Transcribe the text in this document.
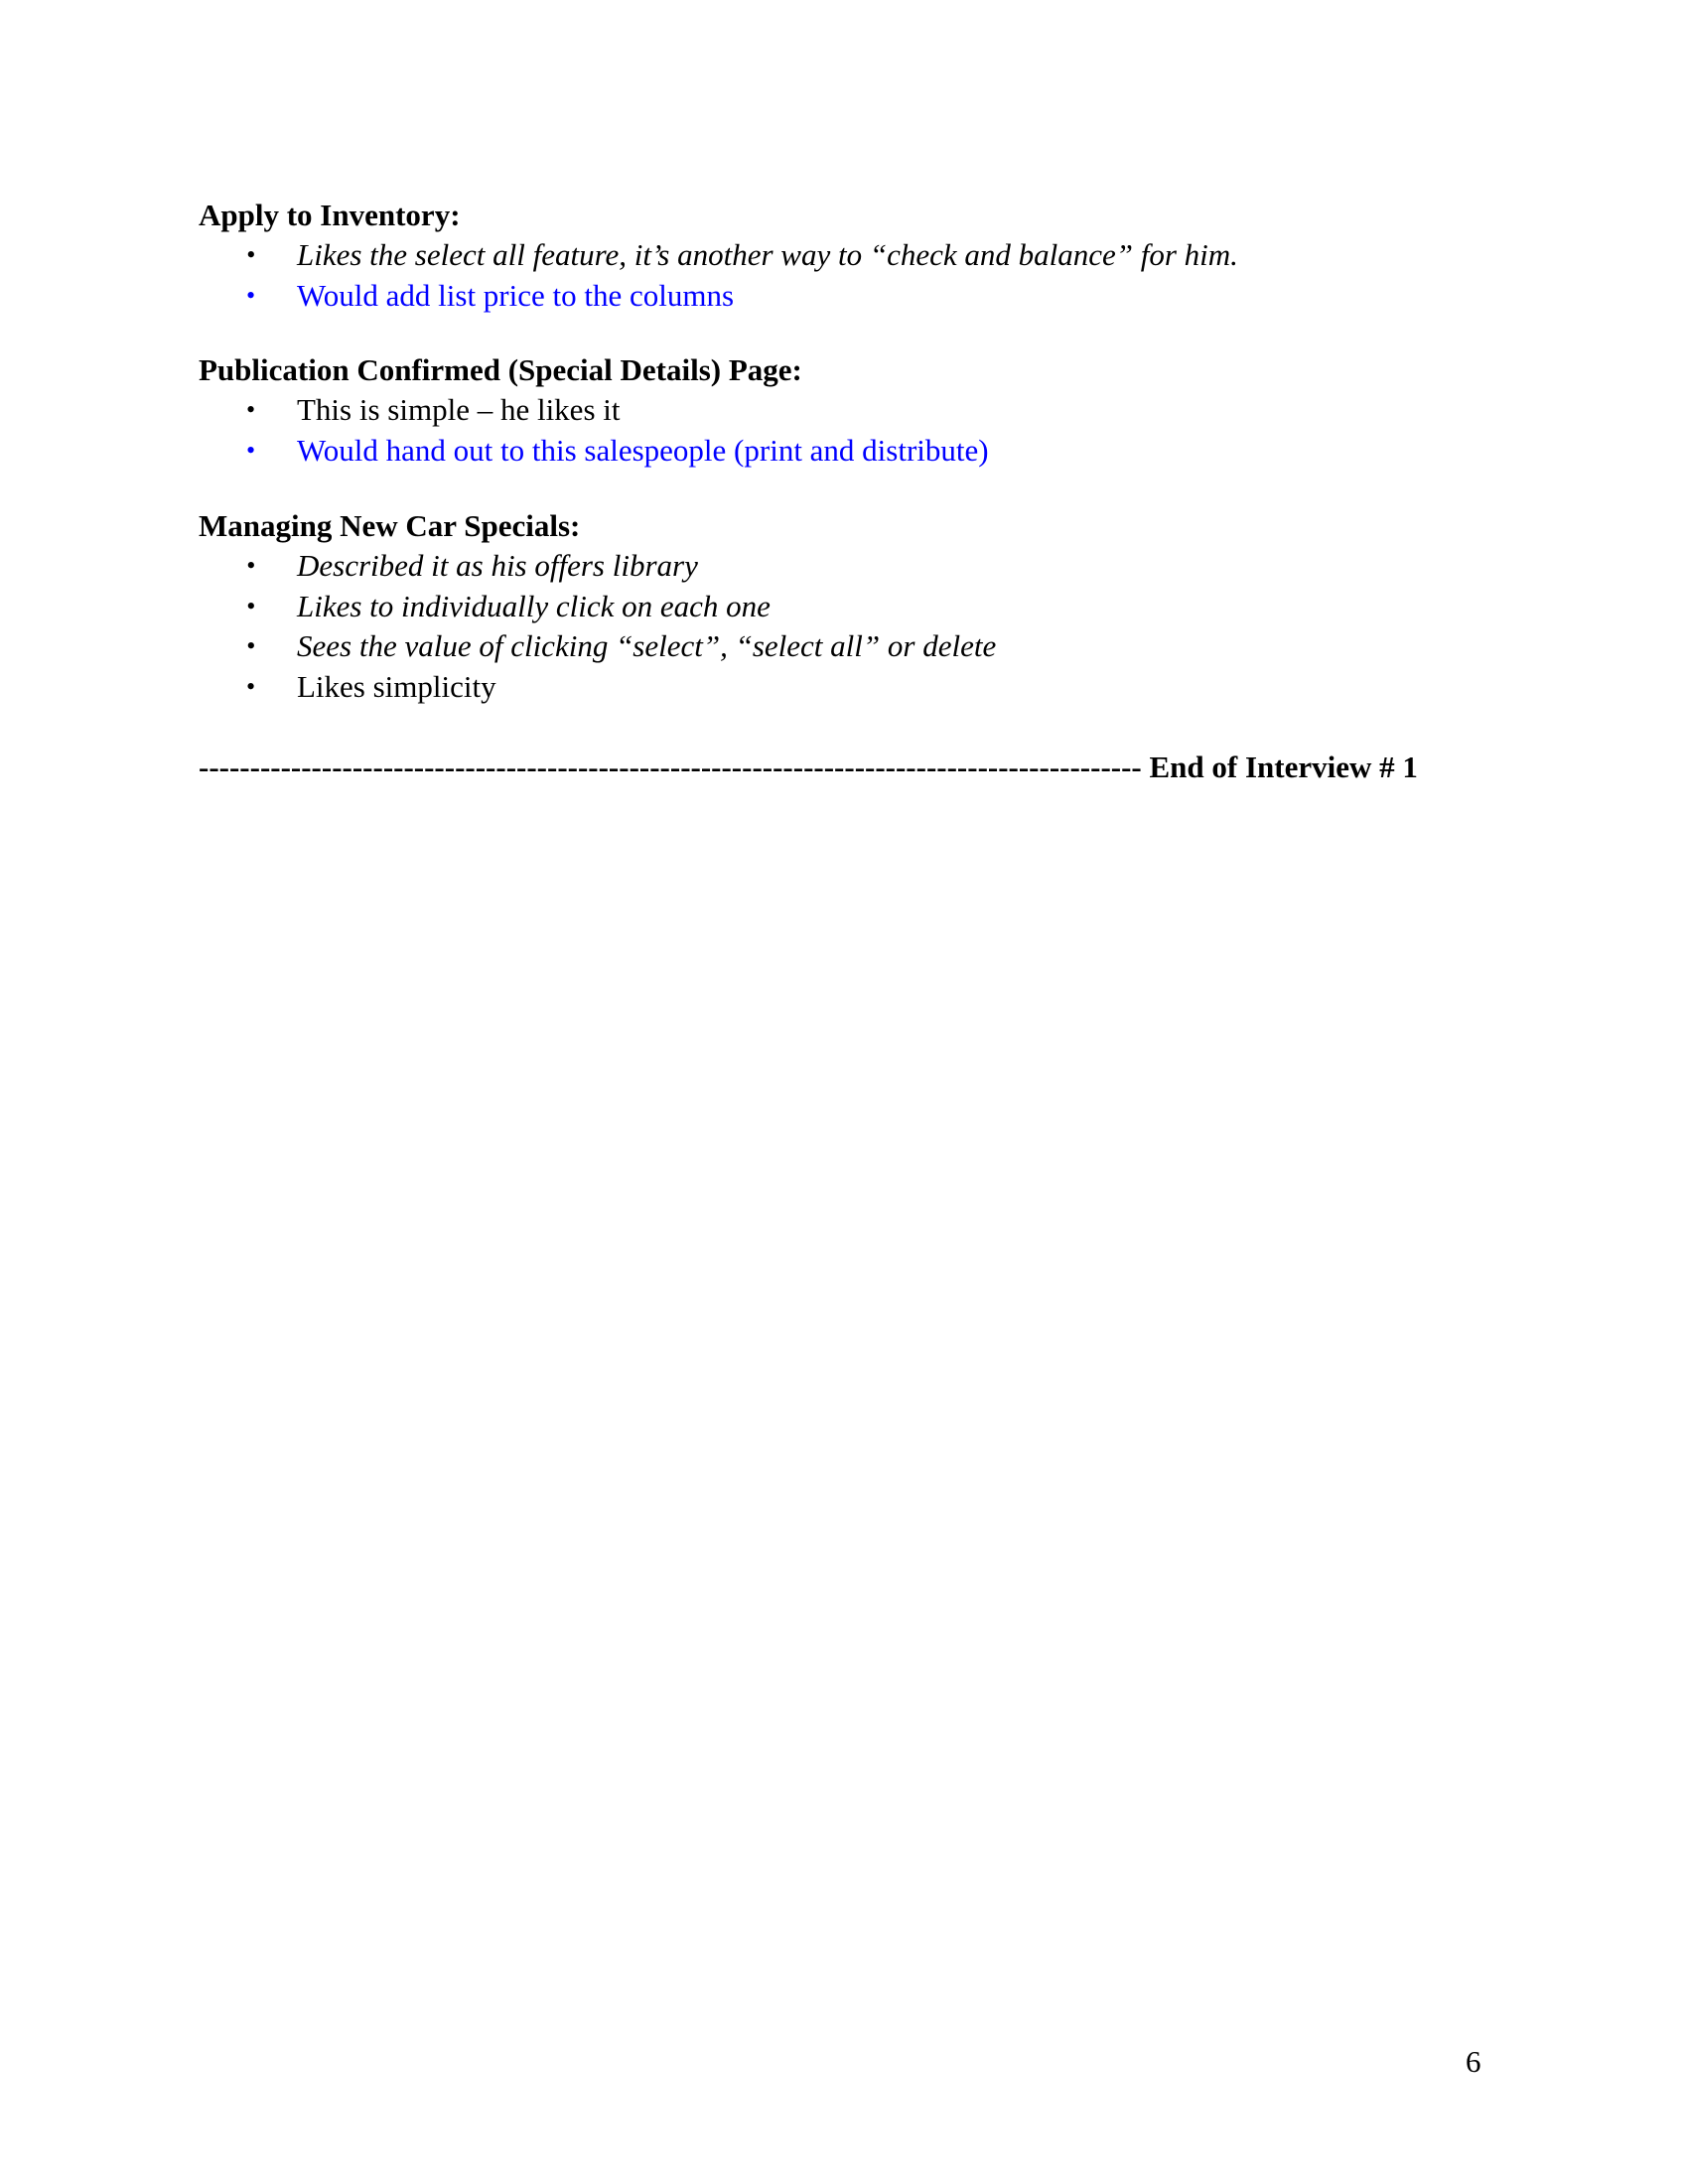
Apply to Inventory:
• Likes the select all feature, it’s another way to “check and balance” for him.
• Would add list price to the columns
Publication Confirmed (Special Details) Page:
• This is simple – he likes it
• Would hand out to this salespeople (print and distribute)
Managing New Car Specials:
• Described it as his offers library
• Likes to individually click on each one
• Sees the value of clicking “select”, “select all” or delete
• Likes simplicity
-------------------------------------------------------------------------------------------- End of Interview # 1
6
